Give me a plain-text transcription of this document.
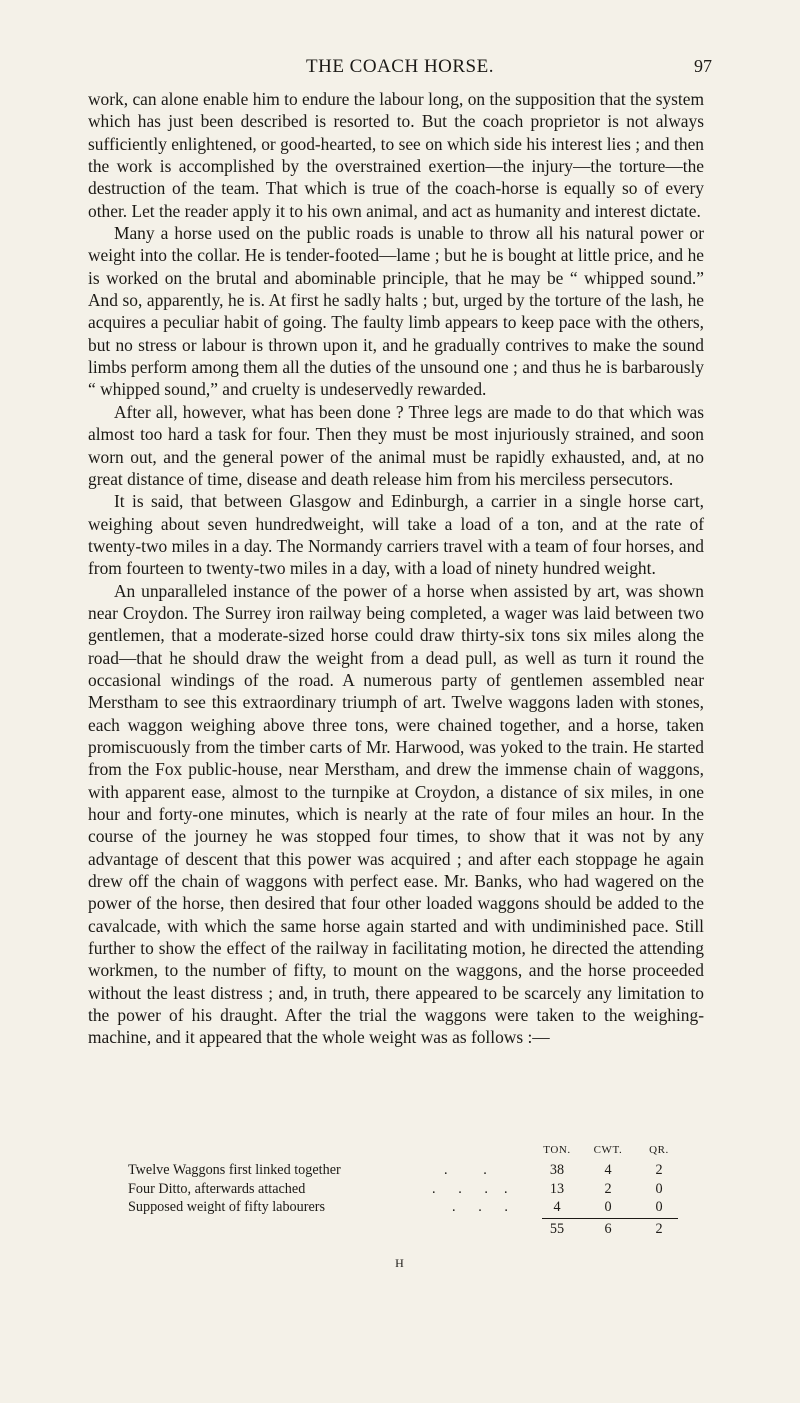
THE COACH HORSE.	97

work, can alone enable him to endure the labour long, on the supposition that the system which has just been described is resorted to. But the coach proprietor is not always sufficiently enlightened, or good-hearted, to see on which side his interest lies ; and then the work is accomplished by the overstrained exertion—the injury—the torture—the destruction of the team. That which is true of the coach-horse is equally so of every other. Let the reader apply it to his own animal, and act as humanity and interest dictate.

Many a horse used on the public roads is unable to throw all his natural power or weight into the collar. He is tender-footed—lame ; but he is bought at little price, and he is worked on the brutal and abominable principle, that he may be “ whipped sound.” And so, apparently, he is. At first he sadly halts ; but, urged by the torture of the lash, he acquires a peculiar habit of going. The faulty limb appears to keep pace with the others, but no stress or labour is thrown upon it, and he gradually contrives to make the sound limbs perform among them all the duties of the unsound one ; and thus he is barbarously “ whipped sound,” and cruelty is undeservedly rewarded.

After all, however, what has been done ? Three legs are made to do that which was almost too hard a task for four. Then they must be most injuriously strained, and soon worn out, and the general power of the animal must be rapidly exhausted, and, at no great distance of time, disease and death release him from his merciless persecutors.

It is said, that between Glasgow and Edinburgh, a carrier in a single horse cart, weighing about seven hundredweight, will take a load of a ton, and at the rate of twenty-two miles in a day. The Normandy carriers travel with a team of four horses, and from fourteen to twenty-two miles in a day, with a load of ninety hundred weight.

An unparalleled instance of the power of a horse when assisted by art, was shown near Croydon. The Surrey iron railway being completed, a wager was laid between two gentlemen, that a moderate-sized horse could draw thirty-six tons six miles along the road—that he should draw the weight from a dead pull, as well as turn it round the occasional windings of the road. A numerous party of gentlemen assembled near Merstham to see this extraordinary triumph of art. Twelve waggons laden with stones, each waggon weighing above three tons, were chained together, and a horse, taken promiscuously from the timber carts of Mr. Harwood, was yoked to the train. He started from the Fox public-house, near Merstham, and drew the immense chain of waggons, with apparent ease, almost to the turnpike at Croydon, a distance of six miles, in one hour and forty-one minutes, which is nearly at the rate of four miles an hour. In the course of the journey he was stopped four times, to show that it was not by any advantage of descent that this power was acquired ; and after each stoppage he again drew off the chain of waggons with perfect ease. Mr. Banks, who had wagered on the power of the horse, then desired that four other loaded waggons should be added to the cavalcade, with which the same horse again started and with undiminished pace. Still further to show the effect of the railway in facilitating motion, he directed the attending workmen, to the number of fifty, to mount on the waggons, and the horse proceeded without the least distress ; and, in truth, there appeared to be scarcely any limitation to the power of his draught. After the trial the waggons were taken to the weighing-machine, and it appeared that the whole weight was as follows :—

TON. CWT.	QR.
Twelve Waggons first linked together	.     .	38	4	2
Four Ditto, afterwards attached	.   .   .  .	13	2	0
Supposed weight of fifty labourers	.   .   .	4	0	0
55	6	2
H
